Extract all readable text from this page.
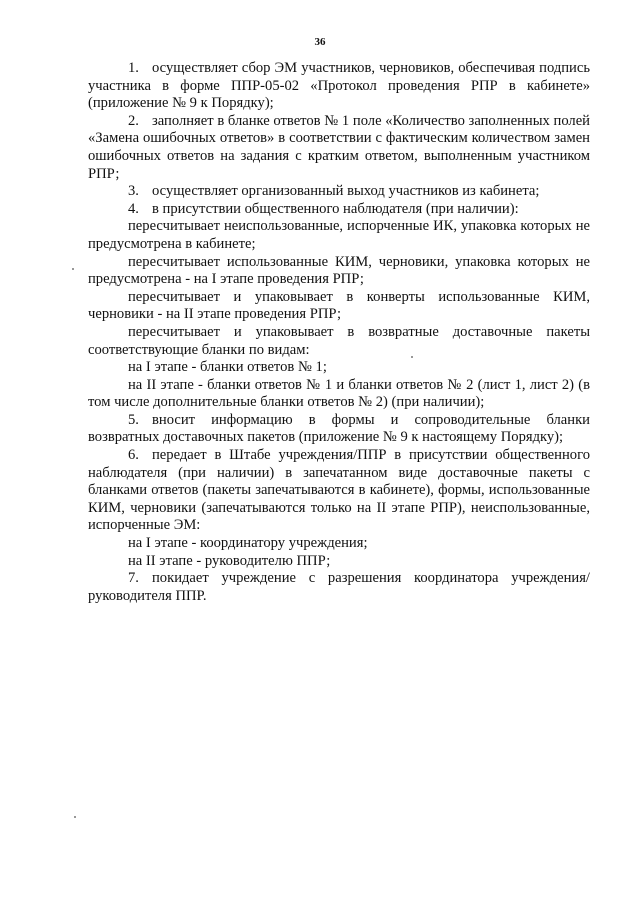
36

1. осуществляет сбор ЭМ участников, черновиков, обеспечивая подпись участника в форме ППР-05-02 «Протокол проведения РПР в кабинете» (приложение № 9 к Порядку);

2. заполняет в бланке ответов № 1 поле «Количество заполненных полей «Замена ошибочных ответов» в соответствии с фактическим количеством замен ошибочных ответов на задания с кратким ответом, выполненным участником РПР;

3. осуществляет организованный выход участников из кабинета;

4. в присутствии общественного наблюдателя (при наличии):

пересчитывает неиспользованные, испорченные ИК, упаковка которых не предусмотрена в кабинете;

пересчитывает использованные КИМ, черновики, упаковка которых не предусмотрена - на I этапе проведения РПР;

пересчитывает и упаковывает в конверты использованные КИМ, черновики - на II этапе проведения РПР;

пересчитывает и упаковывает в возвратные доставочные пакеты соответствующие бланки по видам:

на I этапе - бланки ответов № 1;

на II этапе - бланки ответов № 1 и бланки ответов № 2 (лист 1, лист 2) (в том числе дополнительные бланки ответов № 2) (при наличии);

5. вносит информацию в формы и сопроводительные бланки возвратных доставочных пакетов (приложение № 9 к настоящему Порядку);

6. передает в Штабе учреждения/ППР в присутствии общественного наблюдателя (при наличии) в запечатанном виде доставочные пакеты с бланками ответов (пакеты запечатываются в кабинете), формы, использованные КИМ, черновики (запечатываются только на II этапе РПР), неиспользованные, испорченные ЭМ:

на I этапе - координатору учреждения;

на II этапе - руководителю ППР;

7. покидает учреждение с разрешения координатора учреждения/руководителя ППР.
